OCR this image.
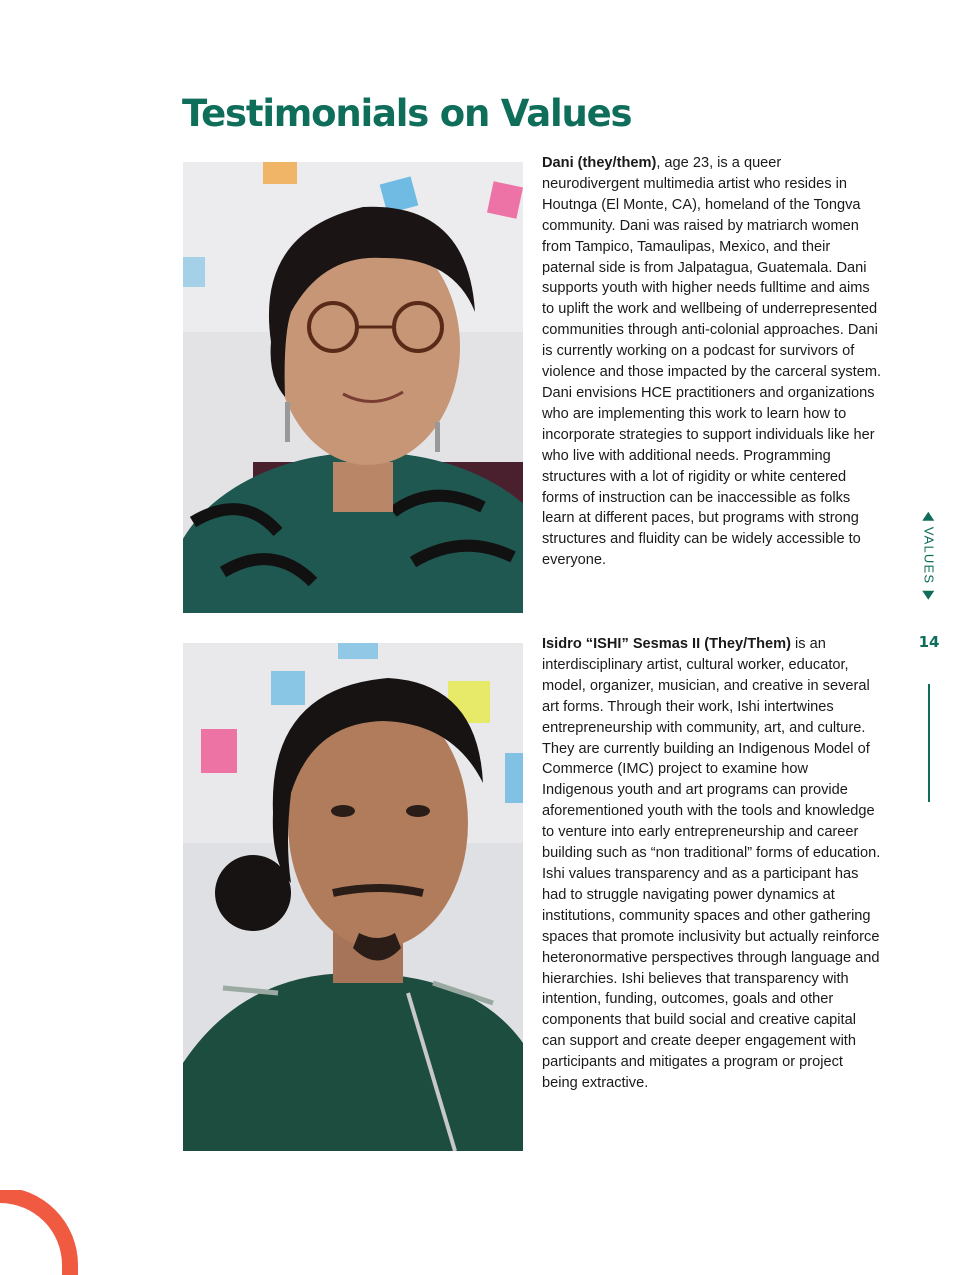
Testimonials on Values

Dani (they/them), age 23, is a queer neurodivergent multimedia artist who resides in Houtnga (El Monte, CA), homeland of the Tongva community. Dani was raised by matriarch women from Tampico, Tamaulipas, Mexico, and their paternal side is from Jalpatagua, Guatemala. Dani supports youth with higher needs fulltime and aims to uplift the work and wellbeing of underrepresented communities through anti-colonial approaches. Dani is currently working on a podcast for survivors of violence and those impacted by the carceral system. Dani envisions HCE practitioners and organizations who are implementing this work to learn how to incorporate strategies to support individuals like her who live with additional needs. Programming structures with a lot of rigidity or white centered forms of instruction can be inaccessible as folks learn at different paces, but programs with strong structures and fluidity can be widely accessible to everyone.

Isidro “ISHI” Sesmas II (They/Them) is an interdisciplinary artist, cultural worker, educator, model, organizer, musician, and creative in several art forms. Through their work, Ishi intertwines entrepreneurship with community, art, and culture. They are currently building an Indigenous Model of Commerce (IMC) project to examine how Indigenous youth and art programs can provide aforementioned youth with the tools and knowledge to venture into early entrepreneurship and career building such as “non traditional” forms of education. Ishi values transparency and as a participant has had to struggle navigating power dynamics at institutions, community spaces and other gathering spaces that promote inclusivity but actually reinforce heteronormative perspectives through language and hierarchies. Ishi believes that transparency with intention, funding, outcomes, goals and other components that build social and creative capital can support and create deeper engagement with participants and mitigates a program or project being extractive.

VALUES
14
